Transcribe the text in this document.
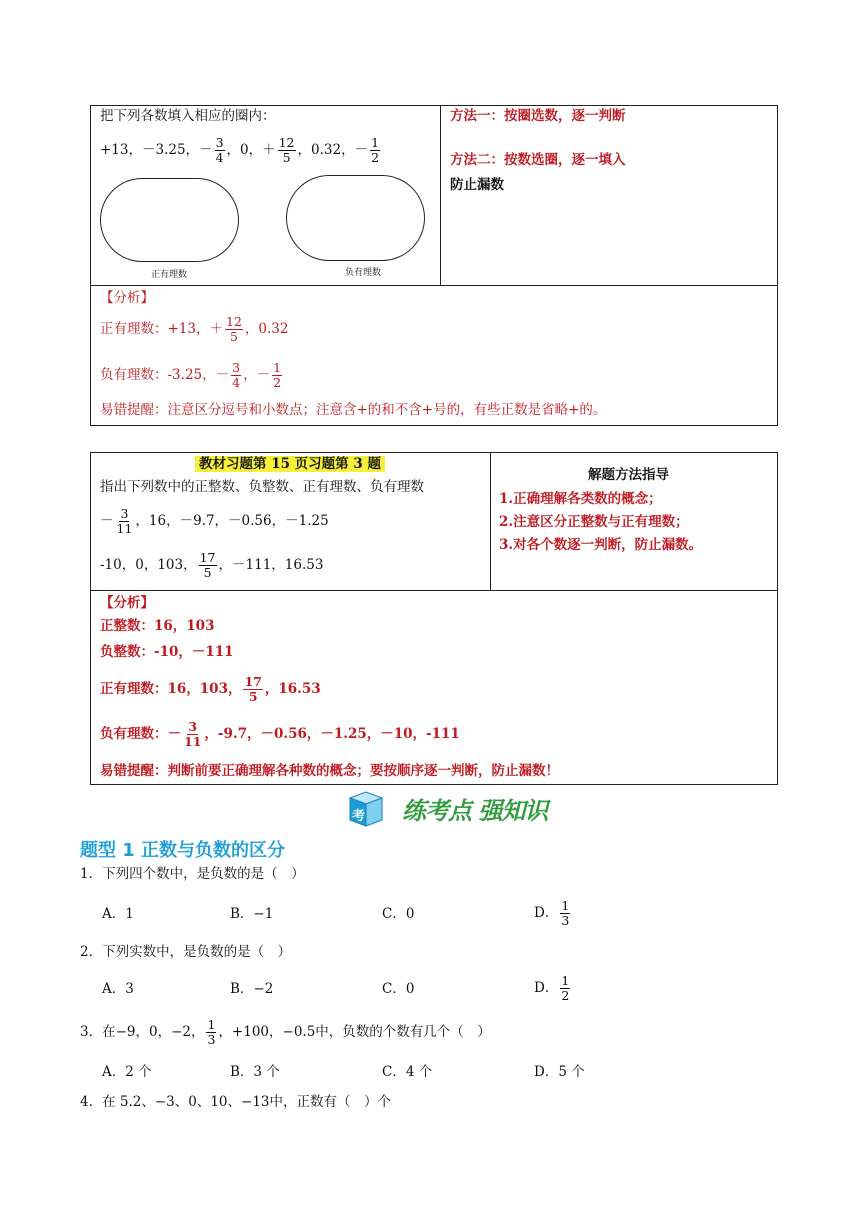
把下列各数填入相应的圈内：
+13，－3.25，－ $\frac{3}{4}$ ，0，＋ $\frac{12}{5}$ ，0.32，－ $\frac{1}{2}$
正有理数	负有理数
方法一：按圈选数，逐一判断
方法二：按数选圈，逐一填入
防止漏数
【分析】
正有理数：+13，＋ $\frac{12}{5}$ ，0.32
负有理数：-3.25，－ $\frac{3}{4}$ ，－ $\frac{1}{2}$
易错提醒：注意区分逗号和小数点；注意含+的和不含+号的，有些正数是省略+的。
教材习题第 15 页习题第 3 题
指出下列数中的正整数、负整数、正有理数、负有理数
－ $\frac{3}{11}$ ，16，－9.7，－0.56，－1.25
-10，0，103， $\frac{17}{5}$ ，－111，16.53
解题方法指导
1.正确理解各类数的概念；
2.注意区分正整数与正有理数；
3.对各个数逐一判断，防止漏数。
【分析】
正整数：16，103
负整数：-10，－111
正有理数：16，103， $\frac{17}{5}$ ，16.53
负有理数：－ $\frac{3}{11}$ ，-9.7，－0.56，－1.25，－10，-111
易错提醒：判断前要正确理解各种数的概念；要按顺序逐一判断，防止漏数！
考 练考点 强知识
题型 1 正数与负数的区分
1．下列四个数中，是负数的是（　）
A．1	B．−1	C．0	D． $\frac{1}{3}$
2．下列实数中，是负数的是（　）
A．3	B．−2	C．0	D． $\frac{1}{2}$
3．在−9，0，−2， $\frac{1}{3}$ ，+100，−0.5中，负数的个数有几个（　）
A．2 个	B．3 个	C．4 个	D．5 个
4．在 5.2、−3、0、10、−13中，正数有（　）个
